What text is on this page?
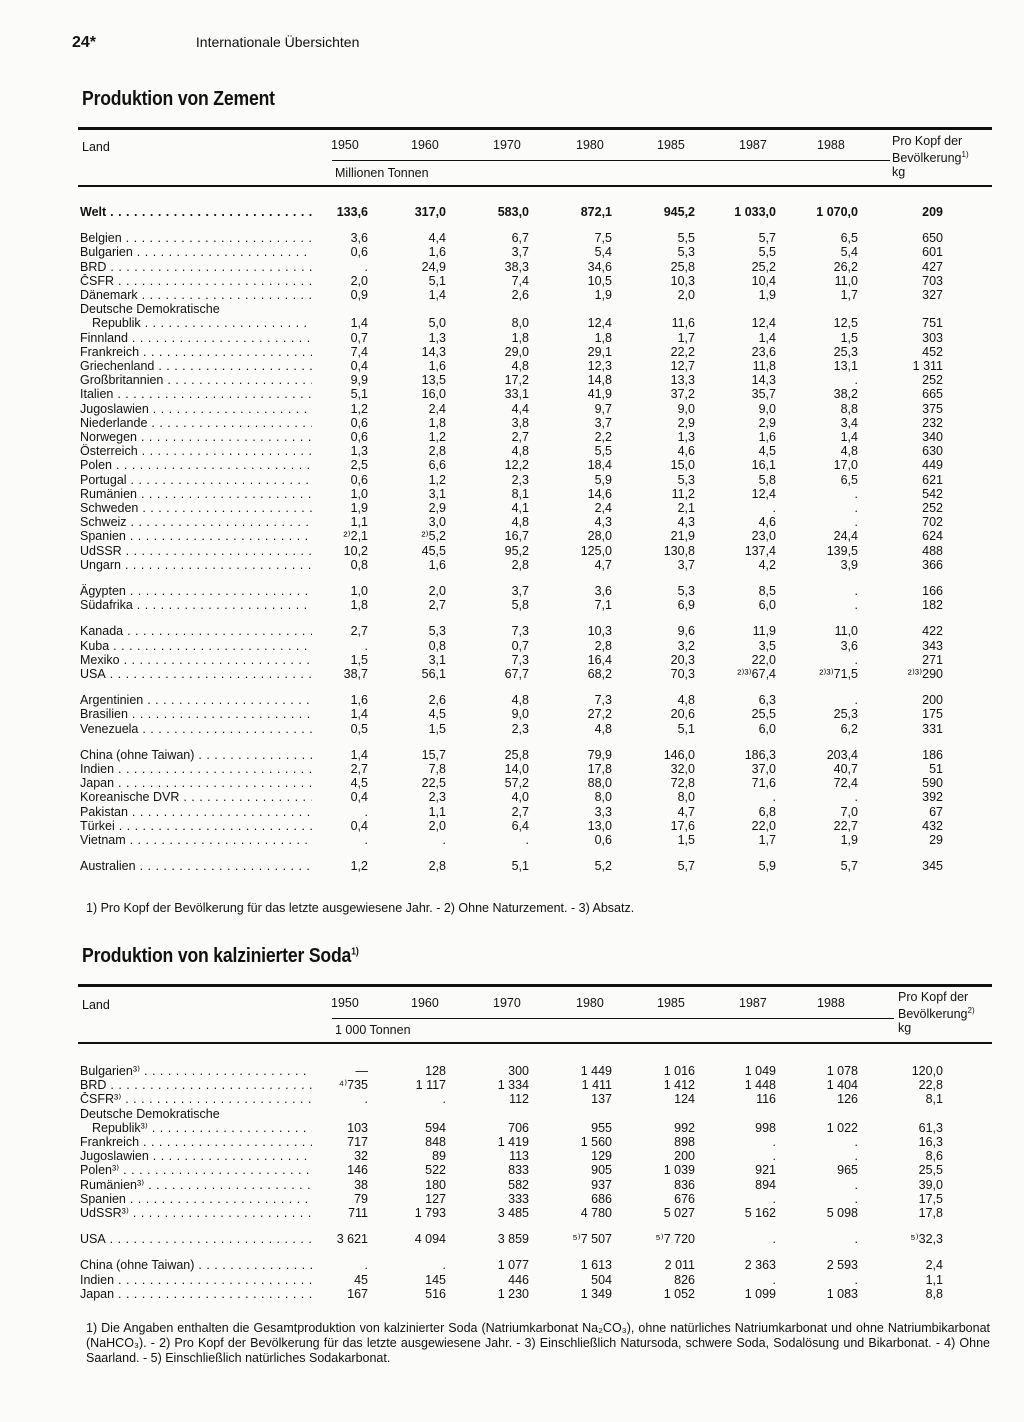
24*	Internationale Übersichten
Produktion von Zement
Land	1950	1960	1970	1980	1985	1987	1988	Pro Kopf der
Bevölkerung$^{1)}$
kg
Millionen Tonnen
Welt . . .	133,6	317,0	583,0	872,1	945,2	1 033,0	1 070,0	209
Belgien . . .	3,6	4,4	6,7	7,5	5,5	5,7	6,5	650
Bulgarien . . .	0,6	1,6	3,7	5,4	5,3	5,5	5,4	601
BRD . . .	.	24,9	38,3	34,6	25,8	25,2	26,2	427
ČSFR . . .	2,0	5,1	7,4	10,5	10,3	10,4	11,0	703
Dänemark . . .	0,9	1,4	2,6	1,9	2,0	1,9	1,7	327
Deutsche Demokratische
Republik . . .	1,4	5,0	8,0	12,4	11,6	12,4	12,5	751
Finnland . . .	0,7	1,3	1,8	1,8	1,7	1,4	1,5	303
Frankreich . . .	7,4	14,3	29,0	29,1	22,2	23,6	25,3	452
Griechenland . . .	0,4	1,6	4,8	12,3	12,7	11,8	13,1	1 311
Großbritannien . . .	9,9	13,5	17,2	14,8	13,3	14,3	.	252
Italien . . .	5,1	16,0	33,1	41,9	37,2	35,7	38,2	665
Jugoslawien . . .	1,2	2,4	4,4	9,7	9,0	9,0	8,8	375
Niederlande . . .	0,6	1,8	3,8	3,7	2,9	2,9	3,4	232
Norwegen . . .	0,6	1,2	2,7	2,2	1,3	1,6	1,4	340
Österreich . . .	1,3	2,8	4,8	5,5	4,6	4,5	4,8	630
Polen . . .	2,5	6,6	12,2	18,4	15,0	16,1	17,0	449
Portugal . . .	0,6	1,2	2,3	5,9	5,3	5,8	6,5	621
Rumänien . . .	1,0	3,1	8,1	14,6	11,2	12,4	.	542
Schweden . . .	1,9	2,9	4,1	2,4	2,1	.	.	252
Schweiz . . .	1,1	3,0	4,8	4,3	4,3	4,6	.	702
Spanien . . .	²⁾2,1	²⁾5,2	16,7	28,0	21,9	23,0	24,4	624
UdSSR . . .	10,2	45,5	95,2	125,0	130,8	137,4	139,5	488
Ungarn . . .	0,8	1,6	2,8	4,7	3,7	4,2	3,9	366
Ägypten . . .	1,0	2,0	3,7	3,6	5,3	8,5	.	166
Südafrika . . .	1,8	2,7	5,8	7,1	6,9	6,0	.	182
Kanada . . .	2,7	5,3	7,3	10,3	9,6	11,9	11,0	422
Kuba . . .	.	0,8	0,7	2,8	3,2	3,5	3,6	343
Mexiko . . .	1,5	3,1	7,3	16,4	20,3	22,0	.	271
USA . . .	38,7	56,1	67,7	68,2	70,3	²⁾³⁾67,4	²⁾³⁾71,5	²⁾³⁾290
Argentinien . . .	1,6	2,6	4,8	7,3	4,8	6,3	.	200
Brasilien . . .	1,4	4,5	9,0	27,2	20,6	25,5	25,3	175
Venezuela . . .	0,5	1,5	2,3	4,8	5,1	6,0	6,2	331
China (ohne Taiwan) . . .	1,4	15,7	25,8	79,9	146,0	186,3	203,4	186
Indien . . .	2,7	7,8	14,0	17,8	32,0	37,0	40,7	51
Japan . . .	4,5	22,5	57,2	88,0	72,8	71,6	72,4	590
Koreanische DVR . . .	0,4	2,3	4,0	8,0	8,0	.	.	392
Pakistan . . .	.	1,1	2,7	3,3	4,7	6,8	7,0	67
Türkei . . .	0,4	2,0	6,4	13,0	17,6	22,0	22,7	432
Vietnam . . .	.	.	.	0,6	1,5	1,7	1,9	29
Australien . . .	1,2	2,8	5,1	5,2	5,7	5,9	5,7	345
1) Pro Kopf der Bevölkerung für das letzte ausgewiesene Jahr. - 2) Ohne Naturzement. - 3) Absatz.
Produktion von kalzinierter Soda$^{1)}$
Land	1950	1960	1970	1980	1985	1987	1988	Pro Kopf der
Bevölkerung$^{2)}$
kg
1 000 Tonnen
Bulgarien³⁾ . . .	—	128	300	1 449	1 016	1 049	1 078	120,0
BRD . . .	⁴⁾735	1 117	1 334	1 411	1 412	1 448	1 404	22,8
ČSFR³⁾ . . .	.	.	112	137	124	116	126	8,1
Deutsche Demokratische
Republik³⁾ . . .	103	594	706	955	992	998	1 022	61,3
Frankreich . . .	717	848	1 419	1 560	898	.	.	16,3
Jugoslawien . . .	32	89	113	129	200	.	.	8,6
Polen³⁾ . . .	146	522	833	905	1 039	921	965	25,5
Rumänien³⁾ . . .	38	180	582	937	836	894	.	39,0
Spanien . . .	79	127	333	686	676	.	.	17,5
UdSSR³⁾ . . .	711	1 793	3 485	4 780	5 027	5 162	5 098	17,8
USA . . .	3 621	4 094	3 859	⁵⁾7 507	⁵⁾7 720	.	.	⁵⁾32,3
China (ohne Taiwan) . . .	.	.	1 077	1 613	2 011	2 363	2 593	2,4
Indien . . .	45	145	446	504	826	.	.	1,1
Japan . . .	167	516	1 230	1 349	1 052	1 099	1 083	8,8
1) Die Angaben enthalten die Gesamtproduktion von kalzinierter Soda (Natriumkarbonat Na₂CO₃), ohne natürliches Natriumkarbonat und ohne Natriumbikarbonat (NaHCO₃). - 2) Pro Kopf der Bevölkerung für das letzte ausgewiesene Jahr. - 3) Einschließlich Natursoda, schwere Soda, Sodalösung und Bikarbonat. - 4) Ohne Saarland. - 5) Einschließlich natürliches Sodakarbonat.
